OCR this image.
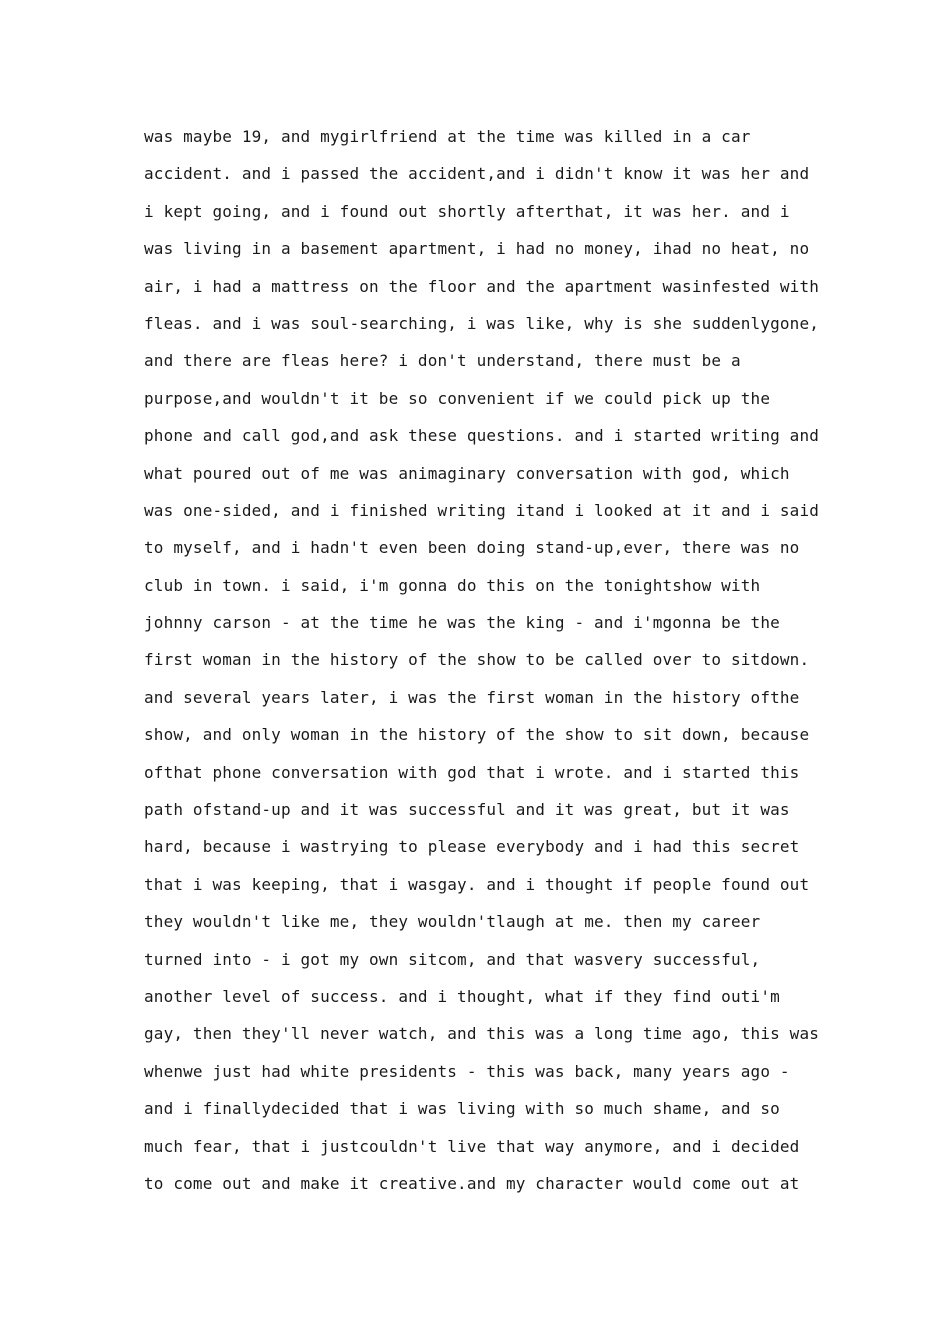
was maybe 19, and mygirlfriend at the time was killed in a car
accident. and i passed the accident,and i didn't know it was her and
i kept going, and i found out shortly afterthat, it was her. and i
was living in a basement apartment, i had no money, ihad no heat, no
air, i had a mattress on the floor and the apartment wasinfested with
fleas. and i was soul-searching, i was like, why is she suddenlygone,
and there are fleas here? i don't understand, there must be a
purpose,and wouldn't it be so convenient if we could pick up the
phone and call god,and ask these questions. and i started writing and
what poured out of me was animaginary conversation with god, which
was one-sided, and i finished writing itand i looked at it and i said
to myself, and i hadn't even been doing stand-up,ever, there was no
club in town. i said, i'm gonna do this on the tonightshow with
johnny carson - at the time he was the king - and i'mgonna be the
first woman in the history of the show to be called over to sitdown.
and several years later, i was the first woman in the history ofthe
show, and only woman in the history of the show to sit down, because
ofthat phone conversation with god that i wrote. and i started this
path ofstand-up and it was successful and it was great, but it was
hard, because i wastrying to please everybody and i had this secret
that i was keeping, that i wasgay. and i thought if people found out
they wouldn't like me, they wouldn'tlaugh at me. then my career
turned into - i got my own sitcom, and that wasvery successful,
another level of success. and i thought, what if they find outi'm
gay, then they'll never watch, and this was a long time ago, this was
whenwe just had white presidents - this was back, many years ago -
and i finallydecided that i was living with so much shame, and so
much fear, that i justcouldn't live that way anymore, and i decided
to come out and make it creative.and my character would come out at
